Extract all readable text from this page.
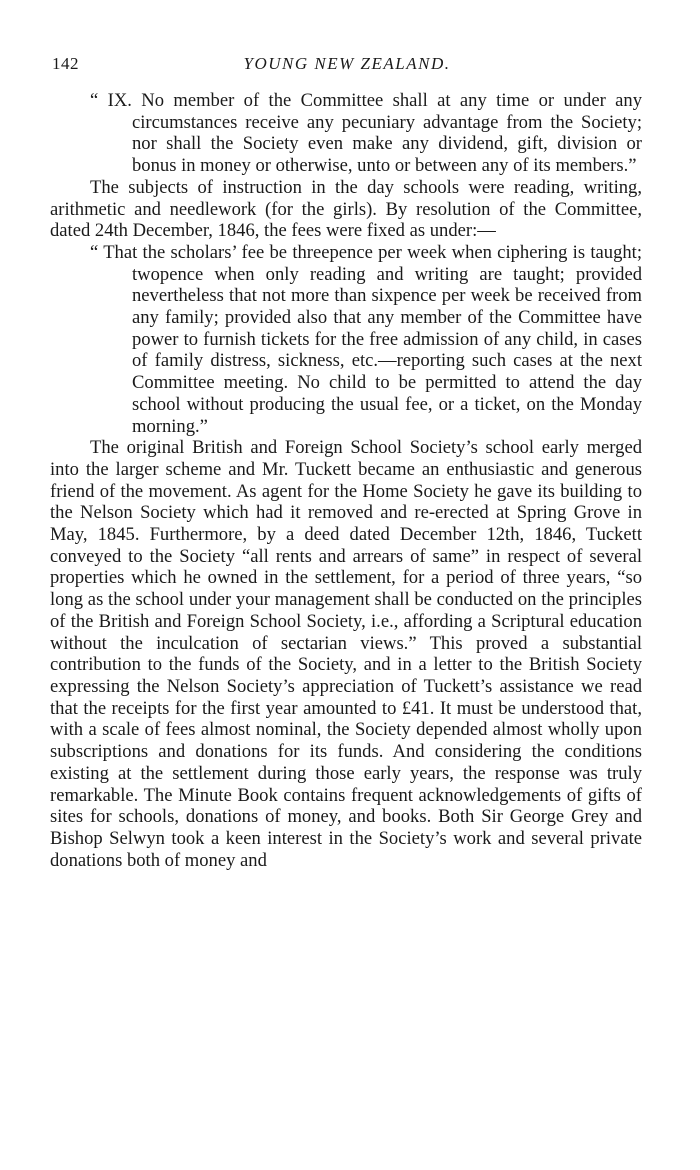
142	YOUNG NEW ZEALAND.

“ IX. No member of the Committee shall at any time or under any circumstances receive any pecuniary advantage from the Society; nor shall the Society even make any dividend, gift, division or bonus in money or otherwise, unto or between any of its members.”

The subjects of instruction in the day schools were reading, writing, arithmetic and needlework (for the girls). By resolution of the Committee, dated 24th December, 1846, the fees were fixed as under:—

“ That the scholars’ fee be threepence per week when ciphering is taught; twopence when only reading and writing are taught; provided nevertheless that not more than sixpence per week be received from any family; provided also that any member of the Committee have power to furnish tickets for the free admission of any child, in cases of family distress, sickness, etc.—reporting such cases at the next Committee meeting. No child to be permitted to attend the day school without producing the usual fee, or a ticket, on the Monday morning.”

The original British and Foreign School Society’s school early merged into the larger scheme and Mr. Tuckett became an enthusiastic and generous friend of the movement. As agent for the Home Society he gave its building to the Nelson Society which had it removed and re-erected at Spring Grove in May, 1845. Furthermore, by a deed dated December 12th, 1846, Tuckett conveyed to the Society “all rents and arrears of same” in respect of several properties which he owned in the settlement, for a period of three years, “so long as the school under your management shall be conducted on the principles of the British and Foreign School Society, i.e., affording a Scriptural education without the inculcation of sectarian views.” This proved a substantial contribution to the funds of the Society, and in a letter to the British Society expressing the Nelson Society’s appreciation of Tuckett’s assistance we read that the receipts for the first year amounted to £41. It must be understood that, with a scale of fees almost nominal, the Society depended almost wholly upon subscriptions and donations for its funds. And considering the conditions existing at the settlement during those early years, the response was truly remarkable. The Minute Book contains frequent acknowledgements of gifts of sites for schools, donations of money, and books. Both Sir George Grey and Bishop Selwyn took a keen interest in the Society’s work and several private donations both of money and
